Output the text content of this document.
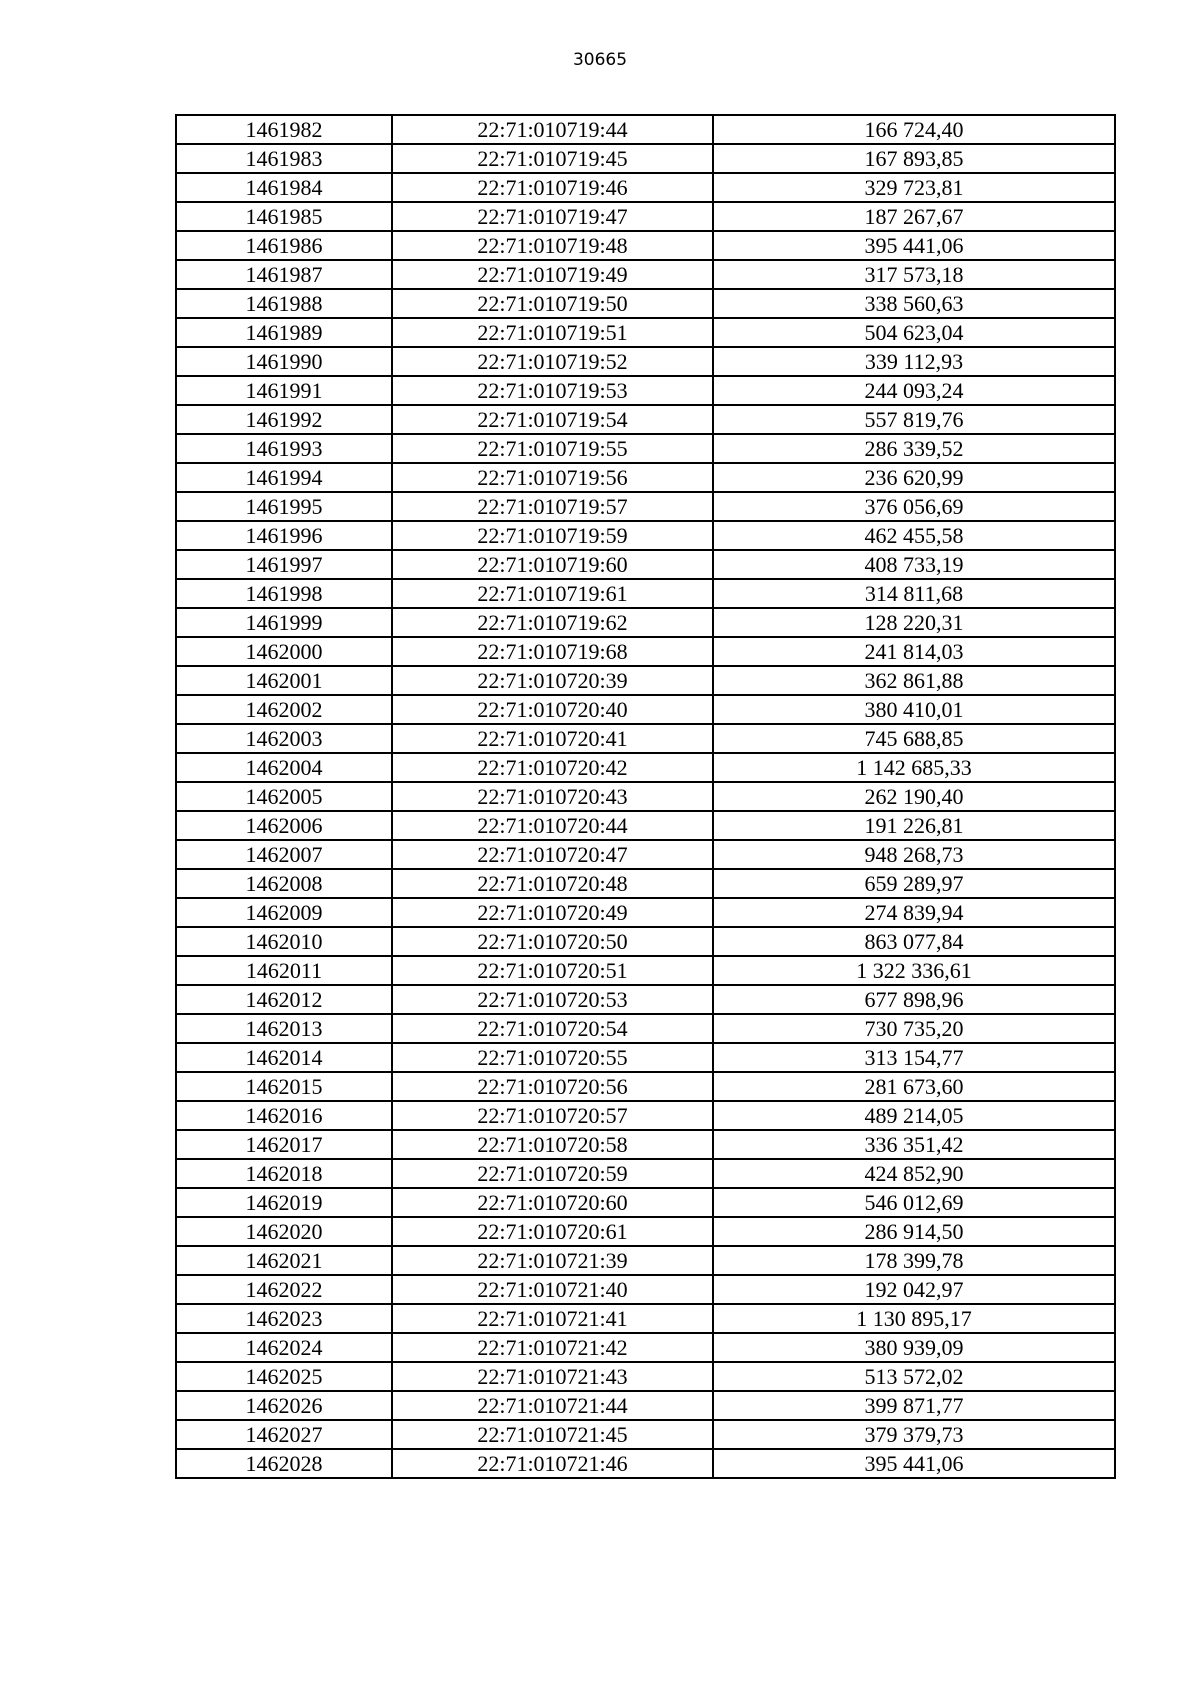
30665
1461982	22:71:010719:44	166 724,40
1461983	22:71:010719:45	167 893,85
1461984	22:71:010719:46	329 723,81
1461985	22:71:010719:47	187 267,67
1461986	22:71:010719:48	395 441,06
1461987	22:71:010719:49	317 573,18
1461988	22:71:010719:50	338 560,63
1461989	22:71:010719:51	504 623,04
1461990	22:71:010719:52	339 112,93
1461991	22:71:010719:53	244 093,24
1461992	22:71:010719:54	557 819,76
1461993	22:71:010719:55	286 339,52
1461994	22:71:010719:56	236 620,99
1461995	22:71:010719:57	376 056,69
1461996	22:71:010719:59	462 455,58
1461997	22:71:010719:60	408 733,19
1461998	22:71:010719:61	314 811,68
1461999	22:71:010719:62	128 220,31
1462000	22:71:010719:68	241 814,03
1462001	22:71:010720:39	362 861,88
1462002	22:71:010720:40	380 410,01
1462003	22:71:010720:41	745 688,85
1462004	22:71:010720:42	1 142 685,33
1462005	22:71:010720:43	262 190,40
1462006	22:71:010720:44	191 226,81
1462007	22:71:010720:47	948 268,73
1462008	22:71:010720:48	659 289,97
1462009	22:71:010720:49	274 839,94
1462010	22:71:010720:50	863 077,84
1462011	22:71:010720:51	1 322 336,61
1462012	22:71:010720:53	677 898,96
1462013	22:71:010720:54	730 735,20
1462014	22:71:010720:55	313 154,77
1462015	22:71:010720:56	281 673,60
1462016	22:71:010720:57	489 214,05
1462017	22:71:010720:58	336 351,42
1462018	22:71:010720:59	424 852,90
1462019	22:71:010720:60	546 012,69
1462020	22:71:010720:61	286 914,50
1462021	22:71:010721:39	178 399,78
1462022	22:71:010721:40	192 042,97
1462023	22:71:010721:41	1 130 895,17
1462024	22:71:010721:42	380 939,09
1462025	22:71:010721:43	513 572,02
1462026	22:71:010721:44	399 871,77
1462027	22:71:010721:45	379 379,73
1462028	22:71:010721:46	395 441,06
